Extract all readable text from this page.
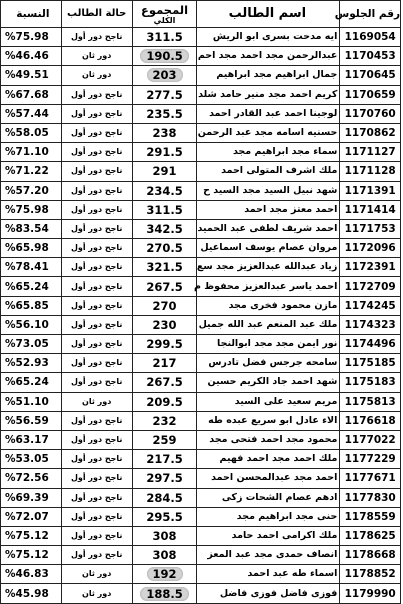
رقم الجلوس	اسم الطالب	المجموع
الكلي	حالة الطالب	النسبة
1169054	ايه مدحت بسرى ابو الريش	311.5	ناجح دور أول	%75.98
1170453	عبدالرحمن مجد احمد مجد احم	190.5	دور ثان	%46.46
1170645	جمال ابراهيم مجد ابراهيم	203	دور ثان	%49.51
1170659	كريم احمد مجد منير حامد شلد	277.5	ناجح دور أول	%67.68
1170760	لوجينا احمد عبد القادر احمد	235.5	ناجح دور أول	%57.44
1170862	حسنيه اسامه مجد عبد الرحمن	238	ناجح دور أول	%58.05
1171127	سماء مجد ابراهيم مجد	291.5	ناجح دور أول	%71.10
1171128	ملك اشرف المتولى احمد	291	ناجح دور أول	%71.22
1171391	شهد نبيل السيد مجد السيد ح	234.5	ناجح دور أول	%57.20
1171414	احمد معتز مجد احمد	311.5	ناجح دور أول	%75.98
1171753	احمد شريف لطفى عبد الحميد	342.5	ناجح دور أول	%83.54
1172096	مروان عصام يوسف اسماعيل	270.5	ناجح دور أول	%65.98
1172391	زياد عبدالله عبدالعزيز مجد سع	321.5	ناجح دور أول	%78.41
1172709	احمد ياسر عبدالعزيز محفوظ م	267.5	ناجح دور أول	%65.24
1174245	مازن محمود فخرى مجد	270	ناجح دور أول	%65.85
1174323	ملك عبد المنعم عبد الله جميل	230	ناجح دور أول	%56.10
1174496	نور ايمن مجد مجد ابوالنجا	299.5	ناجح دور أول	%73.05
1175185	سامحه جرجس فضل تادرس	217	ناجح دور أول	%52.93
1175183	شهد احمد جاد الكريم حسين	267.5	ناجح دور أول	%65.24
1175813	مريم سعيد على السيد	209.5	دور ثان	%51.10
1176618	الاء عادل ابو سريع عبده طه	232	ناجح دور أول	%56.59
1177022	محمود مجد احمد فتحى مجد	259	ناجح دور أول	%63.17
1177229	ملك احمد مجد احمد فهيم	217.5	ناجح دور أول	%53.05
1177671	احمد مجد عبدالمحسن احمد	297.5	ناجح دور أول	%72.56
1177830	ادهم عصام الشحات زكى	284.5	ناجح دور أول	%69.39
1178559	حنى مجد ابراهيم مجد	295.5	ناجح دور أول	%72.07
1178625	ملك اكرامى احمد حامد	308	ناجح دور أول	%75.12
1178668	انصاف حمدى مجد عبد المعز	308	ناجح دور أول	%75.12
1178852	اسماء طه عبد احمد	192	دور ثان	%46.83
1179990	فوزى فاضل فوزى فاضل	188.5	دور ثان	%45.98
